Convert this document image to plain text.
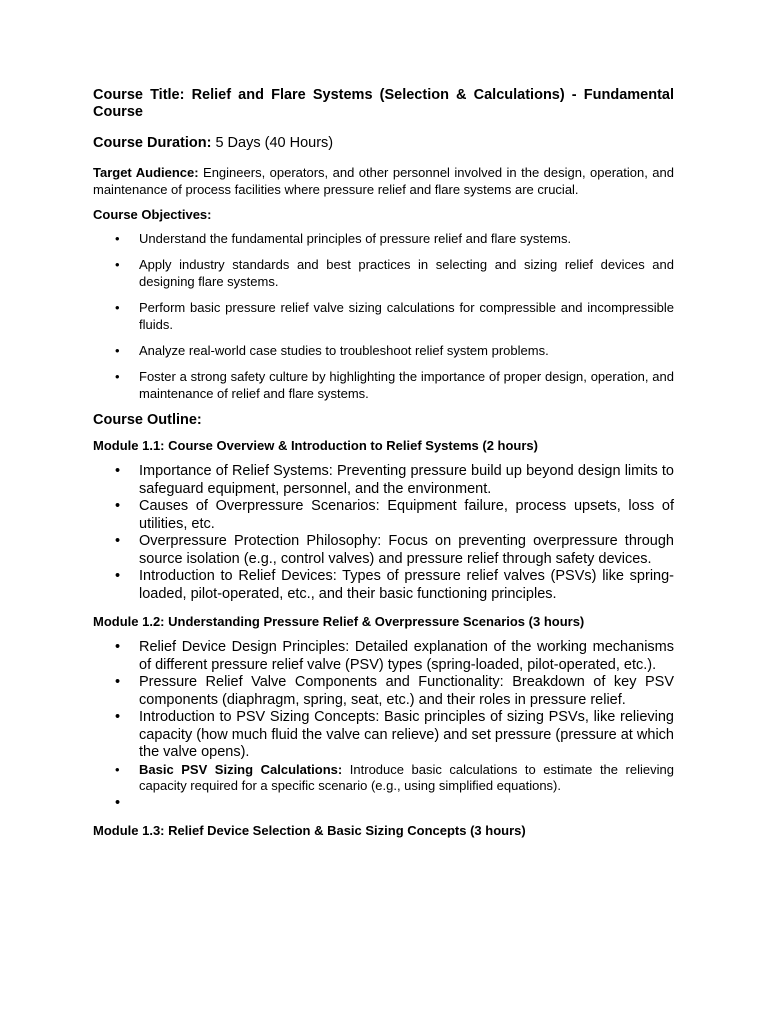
Course Title: Relief and Flare Systems (Selection & Calculations) - Fundamental Course

Course Duration: 5 Days (40 Hours)

Target Audience: Engineers, operators, and other personnel involved in the design, operation, and maintenance of process facilities where pressure relief and flare systems are crucial.

Course Objectives:

• Understand the fundamental principles of pressure relief and flare systems.
• Apply industry standards and best practices in selecting and sizing relief devices and designing flare systems.
• Perform basic pressure relief valve sizing calculations for compressible and incompressible fluids.
• Analyze real-world case studies to troubleshoot relief system problems.
• Foster a strong safety culture by highlighting the importance of proper design, operation, and maintenance of relief and flare systems.

Course Outline:

Module 1.1: Course Overview & Introduction to Relief Systems (2 hours)

• Importance of Relief Systems: Preventing pressure build up beyond design limits to safeguard equipment, personnel, and the environment.
• Causes of Overpressure Scenarios: Equipment failure, process upsets, loss of utilities, etc.
• Overpressure Protection Philosophy: Focus on preventing overpressure through source isolation (e.g., control valves) and pressure relief through safety devices.
• Introduction to Relief Devices: Types of pressure relief valves (PSVs) like spring-loaded, pilot-operated, etc., and their basic functioning principles.

Module 1.2: Understanding Pressure Relief & Overpressure Scenarios (3 hours)

• Relief Device Design Principles: Detailed explanation of the working mechanisms of different pressure relief valve (PSV) types (spring-loaded, pilot-operated, etc.).
• Pressure Relief Valve Components and Functionality: Breakdown of key PSV components (diaphragm, spring, seat, etc.) and their roles in pressure relief.
• Introduction to PSV Sizing Concepts: Basic principles of sizing PSVs, like relieving capacity (how much fluid the valve can relieve) and set pressure (pressure at which the valve opens).
• Basic PSV Sizing Calculations: Introduce basic calculations to estimate the relieving capacity required for a specific scenario (e.g., using simplified equations).
•

Module 1.3: Relief Device Selection & Basic Sizing Concepts (3 hours)
